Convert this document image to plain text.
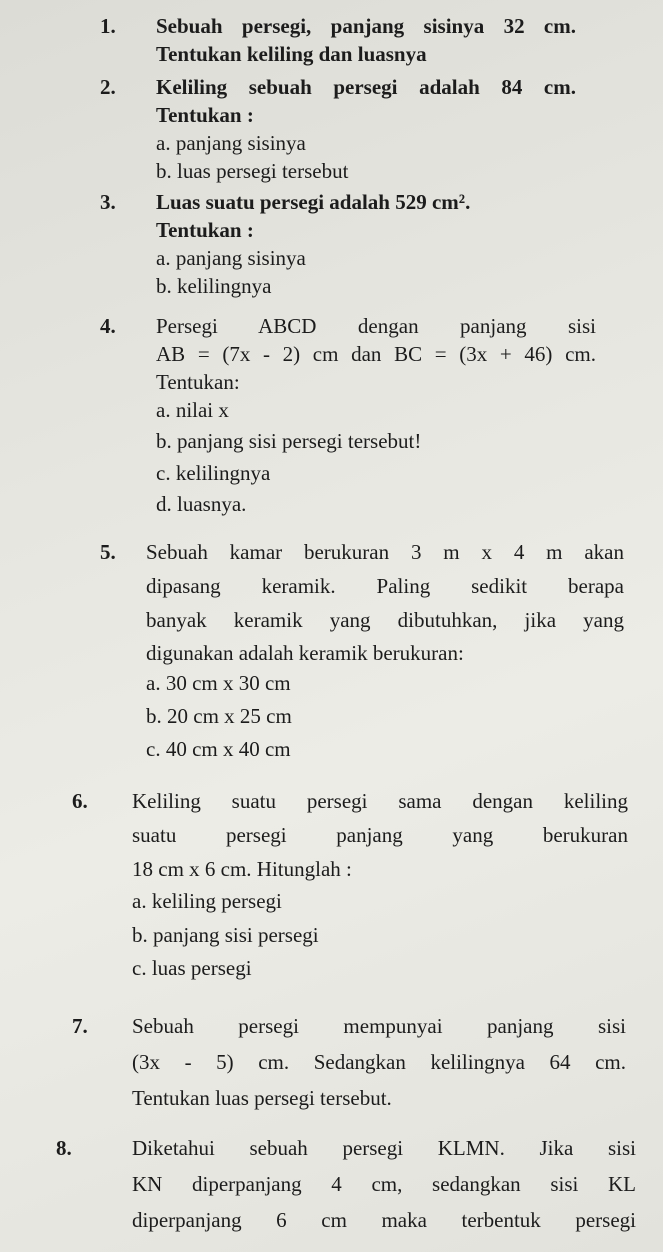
1. Sebuah persegi, panjang sisinya 32 cm.
Tentukan keliling dan luasnya
2. Keliling sebuah persegi adalah 84 cm.
Tentukan :
a. panjang sisinya
b. luas persegi tersebut
3. Luas suatu persegi adalah 529 cm².
Tentukan :
a. panjang sisinya
b. kelilingnya
4. Persegi ABCD dengan panjang sisi
AB = (7x - 2) cm dan BC = (3x + 46) cm.
Tentukan:
a. nilai x
b. panjang sisi persegi tersebut!
c. kelilingnya
d. luasnya.
5. Sebuah kamar berukuran 3 m x 4 m akan
dipasang keramik. Paling sedikit berapa
banyak keramik yang dibutuhkan, jika yang
digunakan adalah keramik berukuran:
a. 30 cm x 30 cm
b. 20 cm x 25 cm
c. 40 cm x 40 cm
6. Keliling suatu persegi sama dengan keliling
suatu persegi panjang yang berukuran
18 cm x 6 cm. Hitunglah :
a. keliling persegi
b. panjang sisi persegi
c. luas persegi
7. Sebuah persegi mempunyai panjang sisi
(3x - 5) cm. Sedangkan kelilingnya 64 cm.
Tentukan luas persegi tersebut.
8.	Diketahui sebuah persegi KLMN. Jika sisi
KN diperpanjang 4 cm, sedangkan sisi KL
diperpanjang 6 cm maka terbentuk persegi
